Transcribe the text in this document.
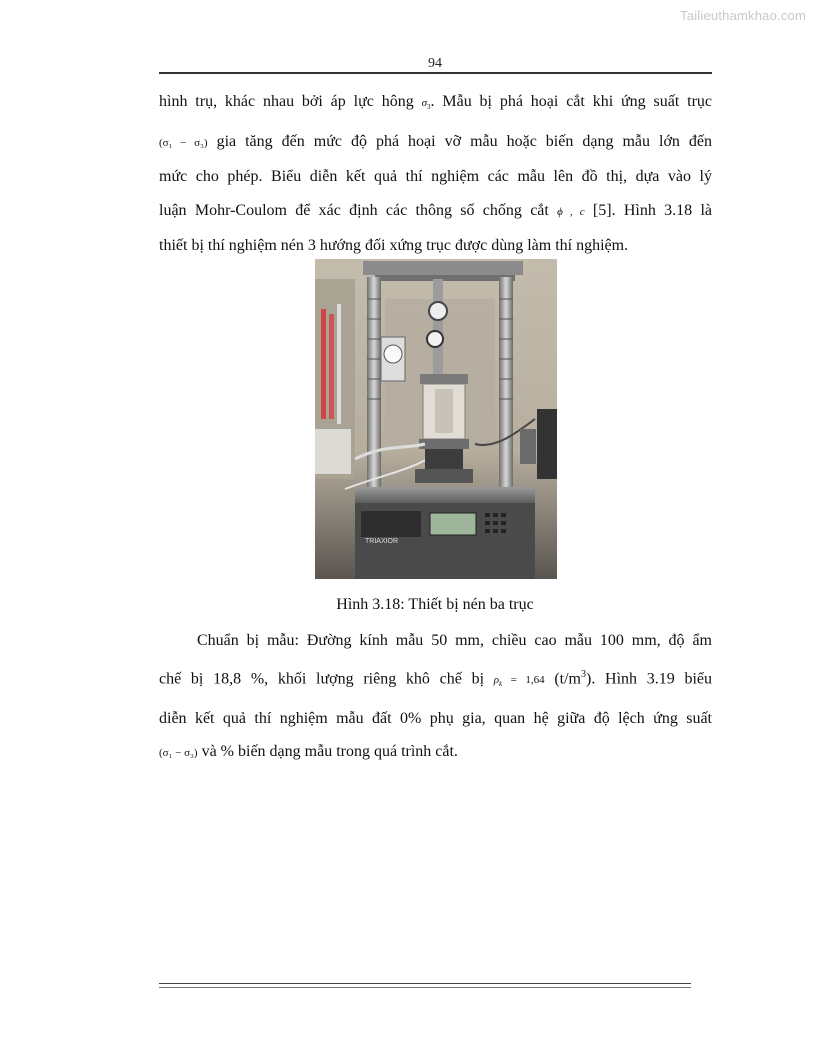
Tailieuthamkhao.com
94
hình trụ, khác nhau bởi áp lực hông $\sigma_3$. Mẫu bị phá hoại cắt khi ứng suất trục
(σ₁ − σ₃) gia tăng đến mức độ phá hoại vỡ mẫu hoặc biến dạng mẫu lớn đến
mức cho phép. Biểu diễn kết quả thí nghiệm các mẫu lên đồ thị, dựa vào lý
luận Mohr-Coulom để xác định các thông số chống cắt ϕ , c [5]. Hình 3.18 là
thiết bị thí nghiệm nén 3 hướng đối xứng trục được dùng làm thí nghiệm.
TRIAXIOR
Hình 3.18: Thiết bị nén ba trục
Chuẩn bị mẫu: Đường kính mẫu 50 mm, chiều cao mẫu 100 mm, độ ẩm
chế bị 18,8 %, khối lượng riêng khô chế bị $\rho_k = 1,64$ $(t/m^3)$. Hình 3.19 biểu
diễn kết quả thí nghiệm mẫu đất 0% phụ gia, quan hệ giữa độ lệch ứng suất
(σ₁ − σ₃) và % biến dạng mẫu trong quá trình cắt.
